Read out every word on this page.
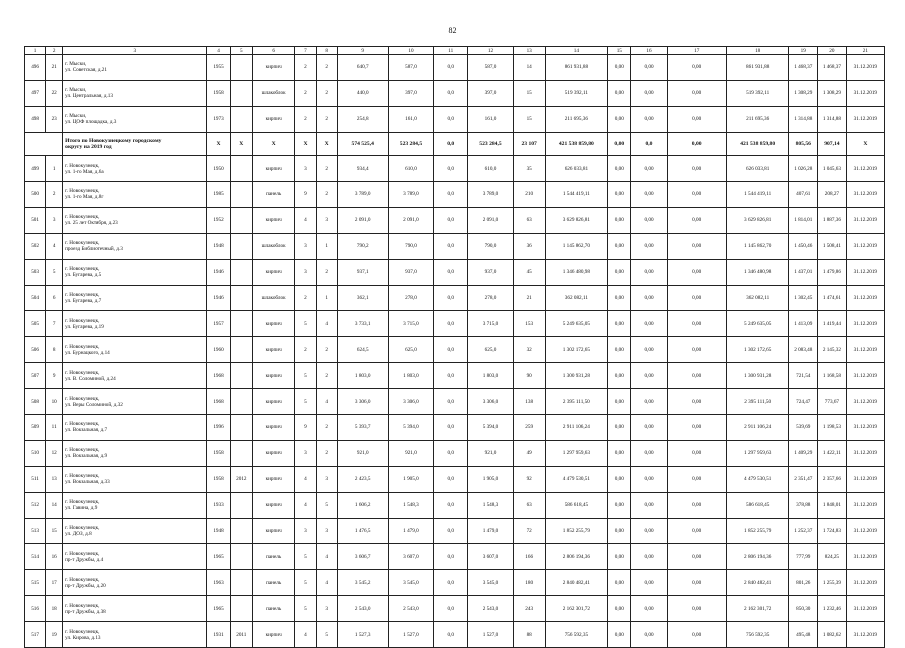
82
1	2	3	4	5	6	7	8	9	10	11	12	13	14	15	16	17	18	19	20	21
496	21	г. Мыски,
ул. Советская, д.21	1955		кирпич	2	2	640,7	587,0	0,0	587,0	14	861 931,88	0,00	0,00	0,00	861 931,88	1 468,37	1 468,37	31.12.2019
497	22	г. Мыски,
ул. Центральная, д.13	1958		шлакоблок	2	2	440,0	397,0	0,0	397,0	15	519 392,11	0,00	0,00	0,00	519 392,11	1 308,29	1 308,29	31.12.2019
498	23	г. Мыски,
ул. ЦОФ площадка, д.3	1973		кирпич	2	2	254,8	161,0	0,0	161,0	15	211 695,36	0,00	0,00	0,00	211 695,36	1 314,88	1 314,88	31.12.2019

		Итого по Новокузнецкому городскому
округу на 2019 год	X	X	X	X	X	574 525,4	523 284,5	0,0	523 284,5	23 107	421 538 859,80	0,00	0,0	0,00	421 538 859,80	805,56	907,14	X
499	1	г. Новокузнецк,
ул. 1-го Мая, д.6а	1950		кирпич	3	2	934,4	610,0	0,0	610,0	35	626 033,81	0,00	0,00	0,00	626 033,81	1 026,28	1 045,63	31.12.2019
500	2	г. Новокузнецк,
ул. 1-го Мая, д.8г	1985		панель	9	2	3 789,0	3 789,0	0,0	3 789,0	210	1 544 419,11	0,00	0,00	0,00	1 544 419,11	407,61	208,27	31.12.2019
501	3	г. Новокузнецк,
ул. 25 лет Октября, д.23	1952		кирпич	4	3	2 091,0	2 091,0	0,0	2 091,0	63	3 629 826,81	0,00	0,00	0,00	3 629 826,81	1 814,01	1 887,36	31.12.2019
502	4	г. Новокузнецк,
проезд Библиотечный, д.3	1948		шлакоблок	3	1	790,2	790,0	0,0	790,0	36	1 145 862,70	0,00	0,00	0,00	1 145 862,70	1 450,46	1 508,41	31.12.2019
503	5	г. Новокузнецк,
ул. Бугарева, д.5	1946		кирпич	3	2	937,1	937,0	0,0	937,0	45	1 346 480,98	0,00	0,00	0,00	1 346 480,98	1 437,01	1 479,86	31.12.2019
504	6	г. Новокузнецк,
ул. Бугарева, д.7	1946		шлакоблок	2	1	362,1	278,0	0,0	278,0	21	362 082,11	0,00	0,00	0,00	362 082,11	1 302,45	1 474,61	31.12.2019
505	7	г. Новокузнецк,
ул. Бугарева, д.19	1957		кирпич	5	4	3 733,1	3 715,0	0,0	3 715,0	153	5 249 635,05	0,00	0,00	0,00	5 249 635,05	1 413,09	1 419,44	31.12.2019
506	8	г. Новокузнецк,
ул. Бурнацкого, д.14	1960		кирпич	2	2	624,5	625,0	0,0	625,0	32	1 302 172,65	0,00	0,00	0,00	1 302 172,65	2 083,48	2 145,32	31.12.2019
507	9	г. Новокузнецк,
ул. В. Соломиной, д.24	1968		кирпич	5	2	1 803,0	1 803,0	0,0	1 803,0	90	1 300 931,28	0,00	0,00	0,00	1 300 931,28	721,54	1 168,58	31.12.2019
508	10	г. Новокузнецк,
ул. Веры Соломиной, д.32	1968		кирпич	5	4	3 306,0	3 306,0	0,0	3 306,0	138	2 395 111,50	0,00	0,00	0,00	2 395 111,50	724,47	773,67	31.12.2019
509	11	г. Новокузнецк,
ул. Вокзальная, д.7	1996		кирпич	9	2	5 393,7	5 394,0	0,0	5 394,0	259	2 911 106,24	0,00	0,00	0,00	2 911 106,24	539,69	1 198,53	31.12.2019
510	12	г. Новокузнецк,
ул. Вокзальная, д.9	1958		кирпич	3	2	921,0	921,0	0,0	921,0	49	1 297 959,63	0,00	0,00	0,00	1 297 959,63	1 409,29	1 422,11	31.12.2019
511	13	г. Новокузнецк,
ул. Вокзальная, д.33	1958	2012	кирпич	4	3	2 423,5	1 905,0	0,0	1 905,0	92	4 479 530,51	0,00	0,00	0,00	4 479 530,51	2 351,47	2 357,66	31.12.2019
512	14	г. Новокузнецк,
ул. Гавина, д.9	1933		кирпич	4	5	1 606,2	1 548,3	0,0	1 548,3	63	586 618,45	0,00	0,00	0,00	586 618,45	378,88	1 848,01	31.12.2019
513	15	г. Новокузнецк,
ул. ДОЗ, д.8	1948		кирпич	3	3	1 476,5	1 479,0	0,0	1 479,0	72	1 852 255,79	0,00	0,00	0,00	1 852 255,79	1 252,37	1 724,83	31.12.2019
514	16	г. Новокузнецк,
пр-т Дружбы, д.4	1965		панель	5	4	3 606,7	3 607,0	0,0	3 607,0	166	2 806 194,36	0,00	0,00	0,00	2 806 194,36	777,99	824,25	31.12.2019
515	17	г. Новокузнецк,
пр-т Дружбы, д.20	1963		панель	5	4	3 545,2	3 545,0	0,0	3 545,0	180	2 840 482,41	0,00	0,00	0,00	2 840 482,41	801,26	1 255,39	31.12.2019
516	18	г. Новокузнецк,
пр-т Дружбы, д.38	1965		панель	5	3	2 543,0	2 543,0	0,0	2 543,0	243	2 162 301,72	0,00	0,00	0,00	2 162 301,72	850,30	1 232,46	31.12.2019
517	19	г. Новокузнецк,
ул. Кирова, д.13	1931	2011	кирпич	4	5	1 527,3	1 527,0	0,0	1 527,0	88	756 592,35	0,00	0,00	0,00	756 592,35	495,48	1 082,62	31.12.2019
